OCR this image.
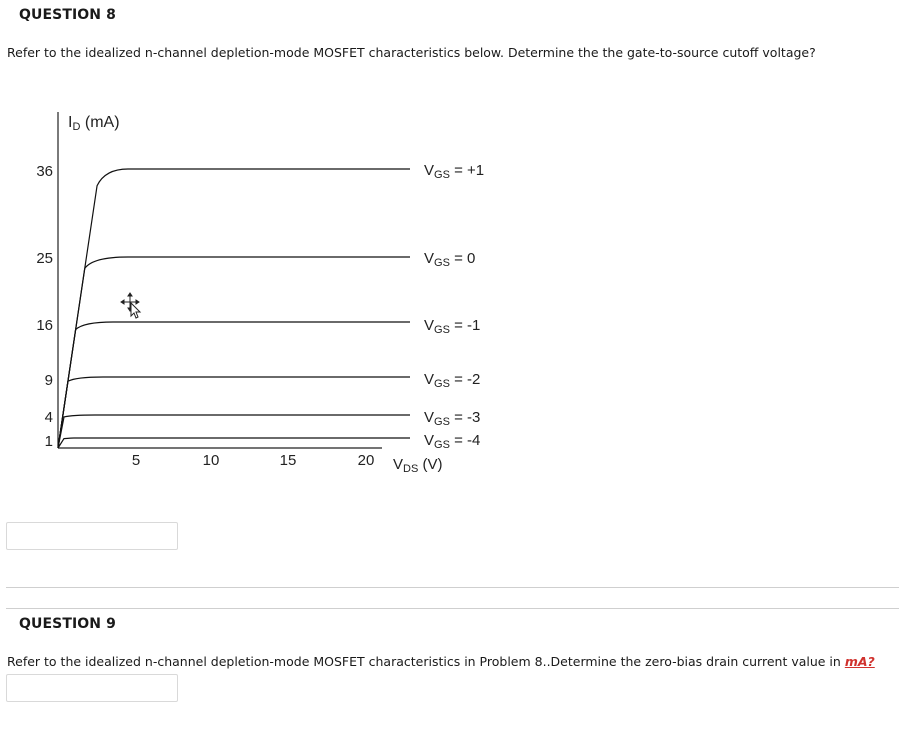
QUESTION 8
Refer to the idealized n-channel depletion-mode MOSFET characteristics below. Determine the the gate-to-source cutoff voltage?
ID (mA)
$V_{DS}$ (V)
36
25
16
9
4
1
5	10	15	20
$V_{GS} = +1$
$V_{GS} = 0$
$V_{GS} = -1$
$V_{GS} = -2$
$V_{GS} = -3$
$V_{GS} = -4$
QUESTION 9
Refer to the idealized n-channel depletion-mode MOSFET characteristics in Problem 8..Determine the zero-bias drain current value in mA?
